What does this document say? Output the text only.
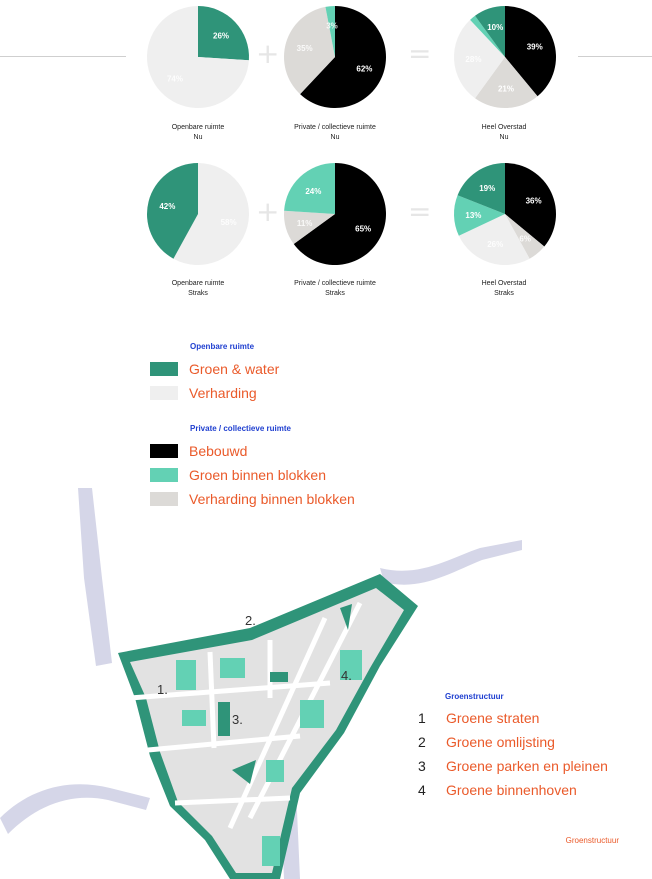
+	=
+	=
26%
74%
62%
35%
3%
39%
21%
28%
10%
58%
42%
65%
11%
24%
36%
6%
26%
13%
19%
Openbare ruimte
Nu
Private / collectieve ruimte
Nu
Heel Overstad
Nu
Openbare ruimte
Straks
Private / collectieve ruimte
Straks
Heel Overstad
Straks
Openbare ruimte
Groen & water
Verharding
Private / collectieve ruimte
Bebouwd
Groen binnen blokken
Verharding binnen blokken
1.
2.
3.
4.
Groenstructuur
1	Groene straten
2	Groene omlijsting
3	Groene parken en pleinen
4	Groene binnenhoven
Groenstructuur
